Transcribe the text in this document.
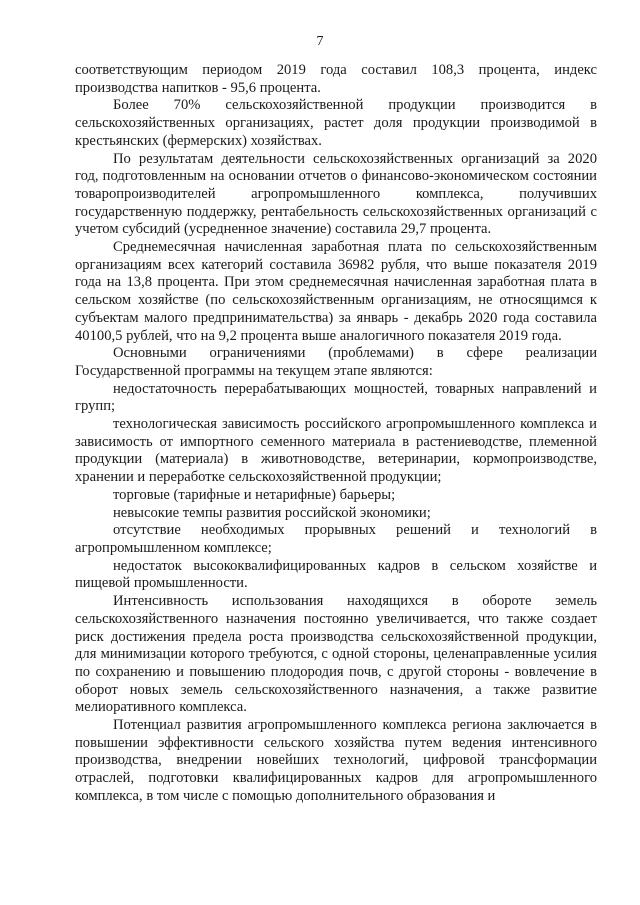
7

соответствующим периодом 2019 года составил 108,3 процента, индекс производства напитков - 95,6 процента.

Более 70% сельскохозяйственной продукции производится в сельскохозяйственных организациях, растет доля продукции производимой в крестьянских (фермерских) хозяйствах.

По результатам деятельности сельскохозяйственных организаций за 2020 год, подготовленным на основании отчетов о финансово-экономическом состоянии товаропроизводителей агропромышленного комплекса, получивших государственную поддержку, рентабельность сельскохозяйственных организаций с учетом субсидий (усредненное значение) составила 29,7 процента.

Среднемесячная начисленная заработная плата по сельскохозяйственным организациям всех категорий составила 36982 рубля, что выше показателя 2019 года на 13,8 процента. При этом среднемесячная начисленная заработная плата в сельском хозяйстве (по сельскохозяйственным организациям, не относящимся к субъектам малого предпринимательства) за январь - декабрь 2020 года составила 40100,5 рублей, что на 9,2 процента выше аналогичного показателя 2019 года.

Основными ограничениями (проблемами) в сфере реализации Государственной программы на текущем этапе являются:

недостаточность перерабатывающих мощностей, товарных направлений и групп;

технологическая зависимость российского агропромышленного комплекса и зависимость от импортного семенного материала в растениеводстве, племенной продукции (материала) в животноводстве, ветеринарии, кормопроизводстве, хранении и переработке сельскохозяйственной продукции;

торговые (тарифные и нетарифные) барьеры;

невысокие темпы развития российской экономики;

отсутствие необходимых прорывных решений и технологий в агропромышленном комплексе;

недостаток высококвалифицированных кадров в сельском хозяйстве и пищевой промышленности.

Интенсивность использования находящихся в обороте земель сельскохозяйственного назначения постоянно увеличивается, что также создает риск достижения предела роста производства сельскохозяйственной продукции, для минимизации которого требуются, с одной стороны, целенаправленные усилия по сохранению и повышению плодородия почв, с другой стороны - вовлечение в оборот новых земель сельскохозяйственного назначения, а также развитие мелиоративного комплекса.

Потенциал развития агропромышленного комплекса региона заключается в повышении эффективности сельского хозяйства путем ведения интенсивного производства, внедрении новейших технологий, цифровой трансформации отраслей, подготовки квалифицированных кадров для агропромышленного комплекса, в том числе с помощью дополнительного образования и
